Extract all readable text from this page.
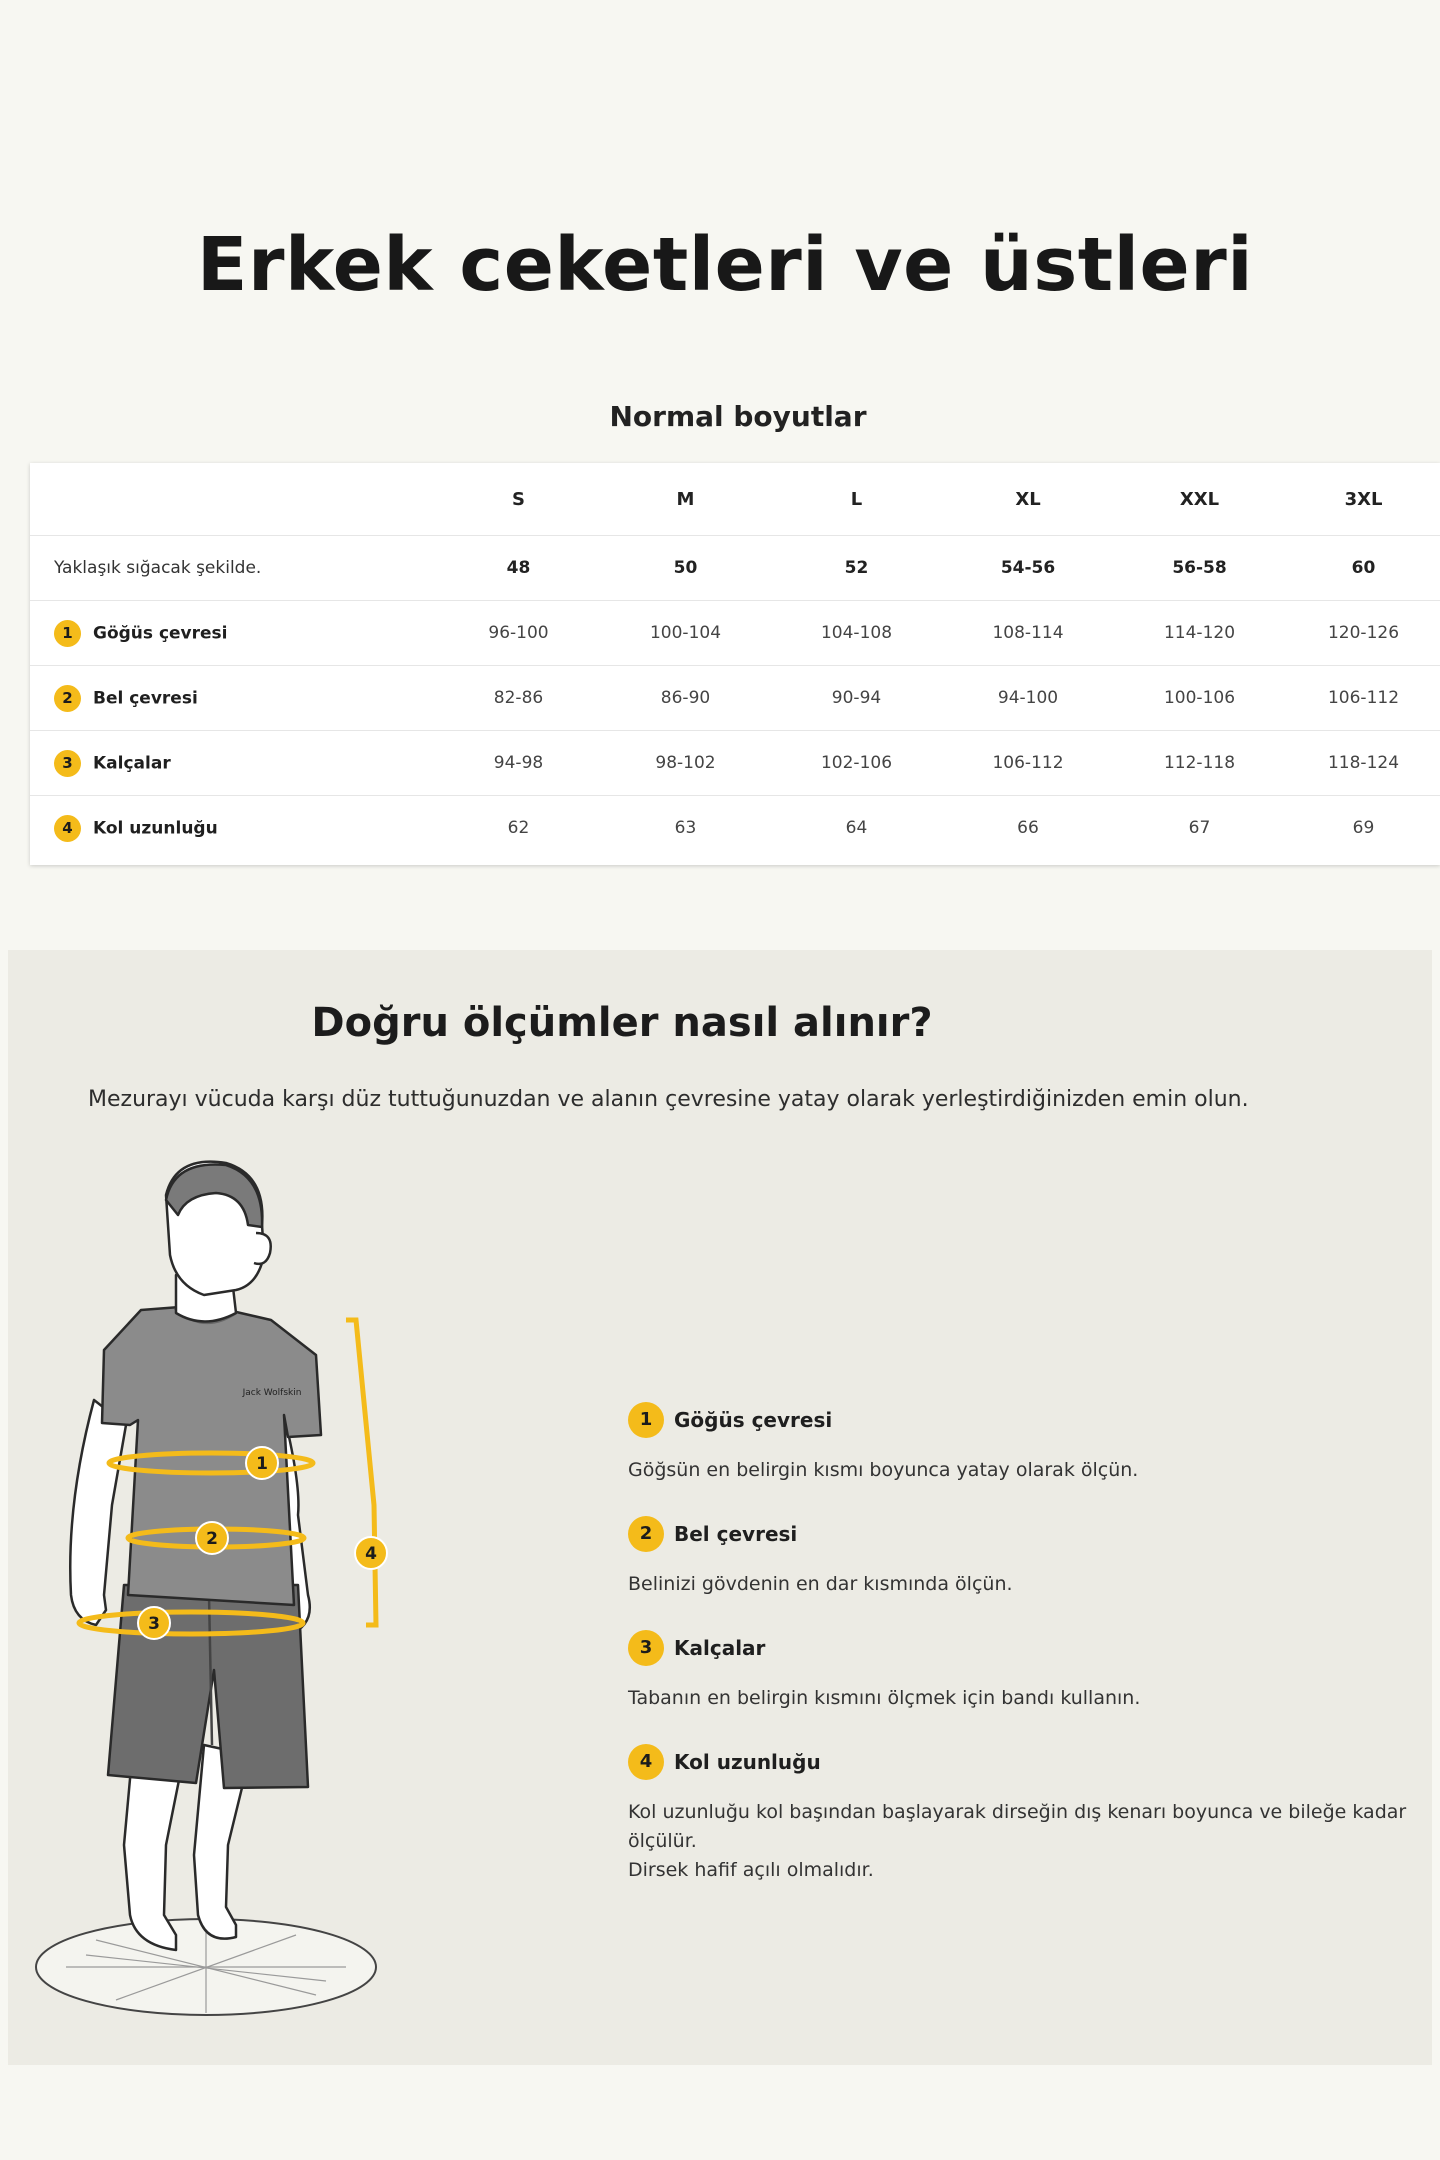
Erkek ceketleri ve üstleri
Normal boyutlar
	S	M	L	XL	XXL	3XL
Yaklaşık sığacak şekilde.	48	50	52	54-56	56-58	60
1 Göğüs çevresi	96-100	100-104	104-108	108-114	114-120	120-126
2 Bel çevresi	82-86	86-90	90-94	94-100	100-106	106-112
3 Kalçalar	94-98	98-102	102-106	106-112	112-118	118-124
4 Kol uzunluğu	62	63	64	66	67	69
Doğru ölçümler nasıl alınır?

Mezurayı vücuda karşı düz tuttuğunuzdan ve alanın çevresine yatay olarak yerleştirdiğinizden emin olun.

1
2
3
4
Jack Wolfskin
1	Göğüs çevresi

Göğsün en belirgin kısmı boyunca yatay olarak ölçün.

2	Bel çevresi

Belinizi gövdenin en dar kısmında ölçün.

3	Kalçalar

Tabanın en belirgin kısmını ölçmek için bandı kullanın.

4	Kol uzunluğu

Kol uzunluğu kol başından başlayarak dirseğin dış kenarı boyunca ve bileğe kadar ölçülür.
Dirsek hafif açılı olmalıdır.
